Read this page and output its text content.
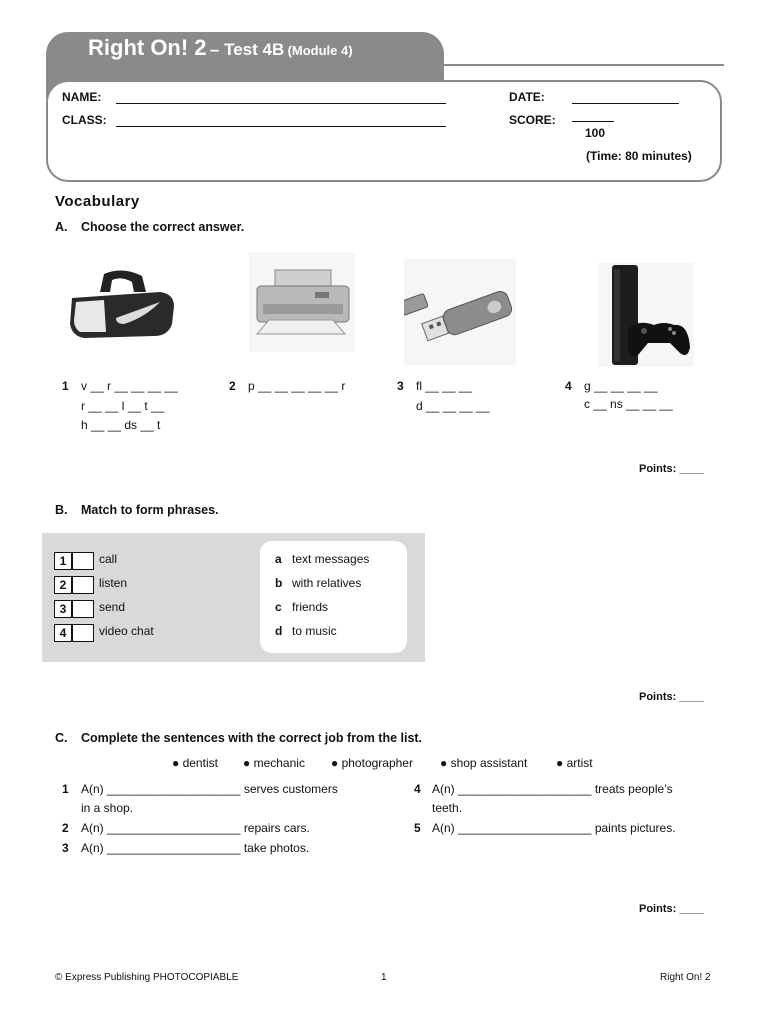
Right On! 2 – Test 4B (Module 4)
NAME:
CLASS:
DATE:
SCORE:
100
(Time: 80 minutes)
Vocabulary
A. Choose the correct answer.
1 v __ r __ __ __ __
r __ __ l __ t __
h __ __ ds __ t
2 p __ __ __ __ __ r	3 fl __ __ __
d __ __ __ __
4 g __ __ __ __
c __ ns __ __ __
Points: ____
B. Match to form phrases.
1	call
2	listen
3	send
4	video chat
a text messages
b with relatives
c friends
d to music
Points: ____
C. Complete the sentences with the correct job from the list.
● dentist ● mechanic ● photographer ● shop assistant ● artist
1 A(n) ____________________ serves customers
in a shop.
2 A(n) ____________________ repairs cars.
3 A(n) ____________________ take photos.
4 A(n) ____________________ treats people’s
teeth.
5 A(n) ____________________ paints pictures.
Points: ____
© Express Publishing PHOTOCOPIABLE	1	Right On! 2
